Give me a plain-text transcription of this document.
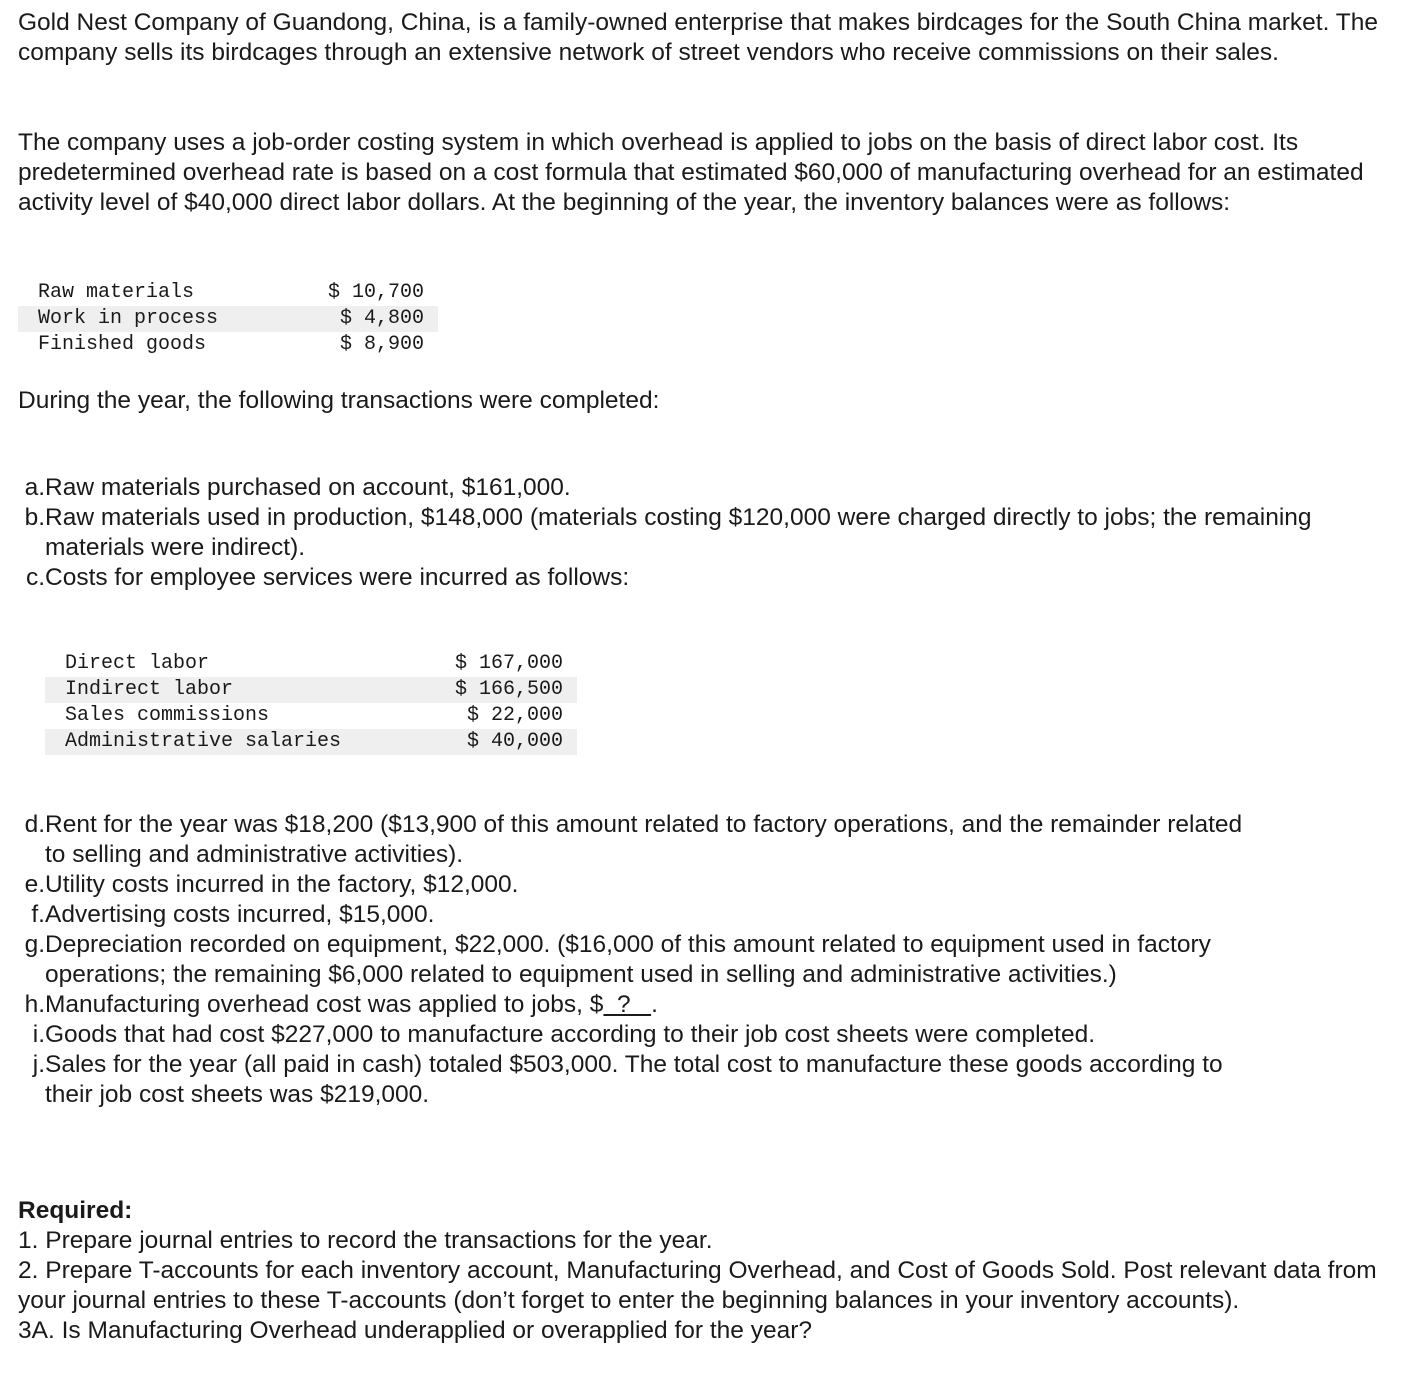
Gold Nest Company of Guandong, China, is a family-owned enterprise that makes birdcages for the South China market. The company sells its birdcages through an extensive network of street vendors who receive commissions on their sales.

The company uses a job-order costing system in which overhead is applied to jobs on the basis of direct labor cost. Its predetermined overhead rate is based on a cost formula that estimated $60,000 of manufacturing overhead for an estimated activity level of $40,000 direct labor dollars. At the beginning of the year, the inventory balances were as follows:

Raw materials	$ 10,700
Work in process	$ 4,800
Finished goods	$ 8,900

During the year, the following transactions were completed:

a. Raw materials purchased on account, $161,000.
b. Raw materials used in production, $148,000 (materials costing $120,000 were charged directly to jobs; the remaining materials were indirect).
c. Costs for employee services were incurred as follows:
Direct labor	$ 167,000
Indirect labor	$ 166,500
Sales commissions	$ 22,000
Administrative salaries	$ 40,000
d. Rent for the year was $18,200 ($13,900 of this amount related to factory operations, and the remainder related to selling and administrative activities).
e. Utility costs incurred in the factory, $12,000.
f. Advertising costs incurred, $15,000.
g. Depreciation recorded on equipment, $22,000. ($16,000 of this amount related to equipment used in factory operations; the remaining $6,000 related to equipment used in selling and administrative activities.)
h. Manufacturing overhead cost was applied to jobs, $  ?   .
i. Goods that had cost $227,000 to manufacture according to their job cost sheets were completed.
j. Sales for the year (all paid in cash) totaled $503,000. The total cost to manufacture these goods according to their job cost sheets was $219,000.
Required:
1. Prepare journal entries to record the transactions for the year.
2. Prepare T-accounts for each inventory account, Manufacturing Overhead, and Cost of Goods Sold. Post relevant data from your journal entries to these T-accounts (don’t forget to enter the beginning balances in your inventory accounts).
3A. Is Manufacturing Overhead underapplied or overapplied for the year?
